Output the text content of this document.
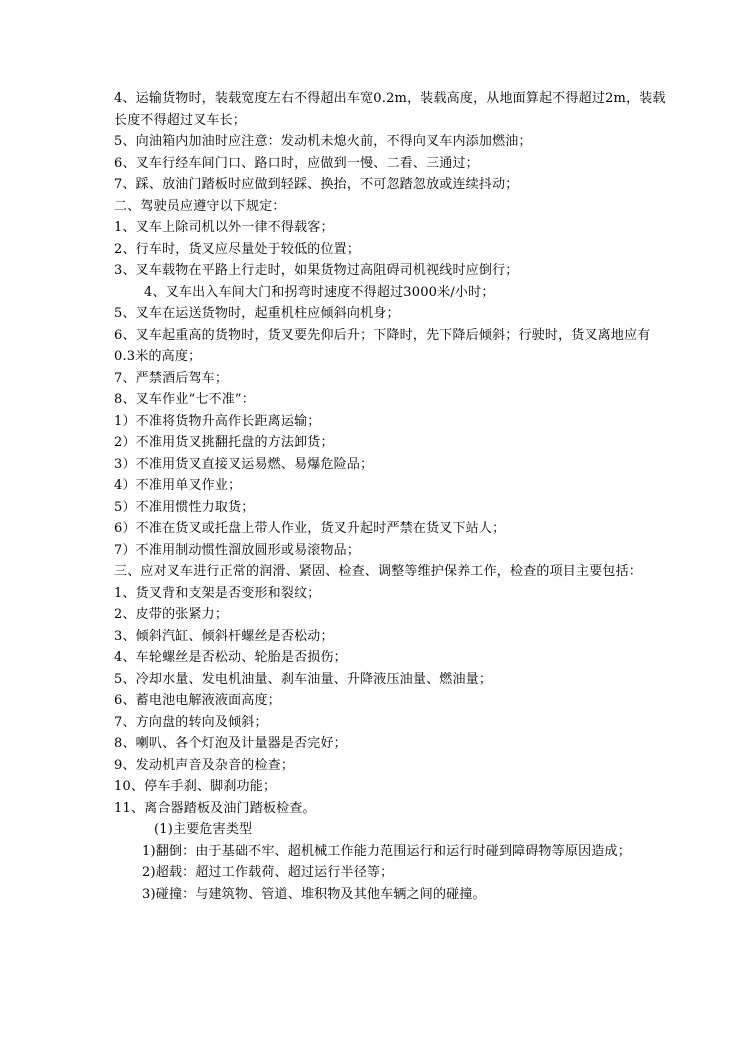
4、运输货物时，装载宽度左右不得超出车宽0.2m，装载高度，从地面算起不得超过2m，装载长度不得超过叉车长；
5、向油箱内加油时应注意：发动机未熄火前，不得向叉车内添加燃油；
6、叉车行经车间门口、路口时，应做到一慢、二看、三通过；
7、踩、放油门踏板时应做到轻踩、换抬，不可忽踏忽放或连续抖动；
二、驾驶员应遵守以下规定：
1、叉车上除司机以外一律不得载客；
2、行车时，货叉应尽量处于较低的位置；
3、叉车载物在平路上行走时，如果货物过高阻碍司机视线时应倒行；
4、叉车出入车间大门和拐弯时速度不得超过3000米/小时；
5、叉车在运送货物时，起重机柱应倾斜向机身；
6、叉车起重高的货物时，货叉要先仰后升；下降时，先下降后倾斜；行驶时，货叉离地应有0.3米的高度；
7、严禁酒后驾车；
8、叉车作业“七不准”：
1）不准将货物升高作长距离运输；
2）不准用货叉挑翻托盘的方法卸货；
3）不准用货叉直接叉运易燃、易爆危险品；
4）不准用单叉作业；
5）不准用惯性力取货；
6）不准在货叉或托盘上带人作业，货叉升起时严禁在货叉下站人；
7）不准用制动惯性溜放圆形或易滚物品；
三、应对叉车进行正常的润滑、紧固、检查、调整等维护保养工作，检查的项目主要包括：
1、货叉背和支架是否变形和裂纹；
2、皮带的张紧力；
3、倾斜汽缸、倾斜杆螺丝是否松动；
4、车轮螺丝是否松动、轮胎是否损伤；
5、冷却水量、发电机油量、刹车油量、升降液压油量、燃油量；
6、蓄电池电解液液面高度；
7、方向盘的转向及倾斜；
8、喇叭、各个灯泡及计量器是否完好；
9、发动机声音及杂音的检查；
10、停车手刹、脚刹功能；
11、离合器踏板及油门踏板检查。
(1)主要危害类型
1)翻倒：由于基础不牢、超机械工作能力范围运行和运行时碰到障碍物等原因造成；
2)超载：超过工作载荷、超过运行半径等；
3)碰撞：与建筑物、管道、堆积物及其他车辆之间的碰撞。
